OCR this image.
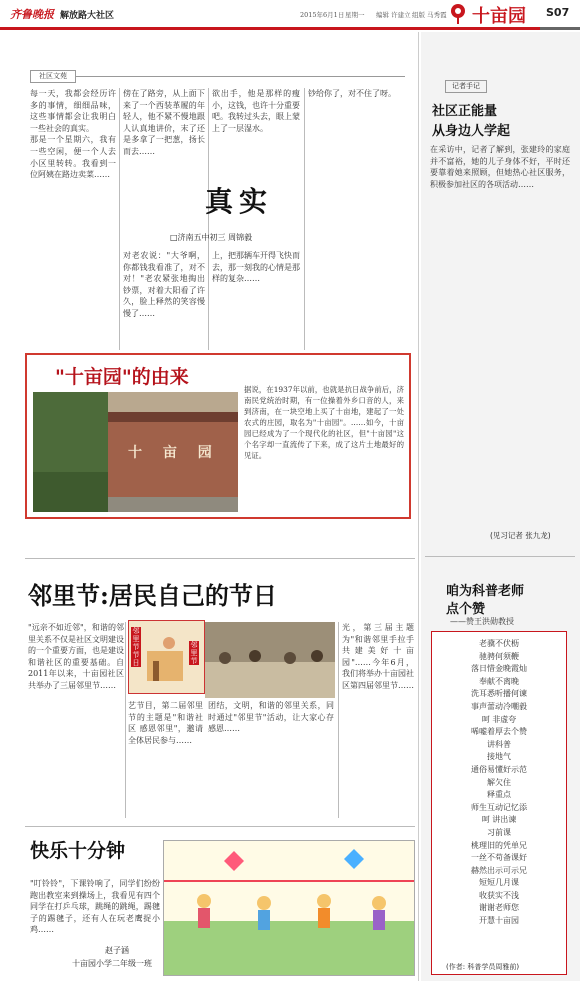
齐鲁晚报 解放路大社区	2015年6月1日 星期一 编辑 许建立 组版 马秀霞 十亩园 S07
社区文苑
每一天，我都会经历许多的事情，细细品味，这些事情都会让我明白一些社会的真实。
那是一个星期六，我有一些空闲，便一个人去小区里转转。我看到一位阿姨在路边卖菜……
傍在了路旁，从上面下来了一个西装革履的年轻人，他不紧不慢地跟人认真地讲价，末了还是多拿了一把葱，扬长而去……
欲出手，他是那样的瘦小，这钱，也许十分重要吧。我转过头去，眼上蒙上了一层湿水。
钞给你了，对不住了呀。
真实
□济南五中初三 周锦毅
对老农说："大爷啊，你都钱我看准了，对不对！"老农紧张地掏出钞票，对着大阳看了许久，脸上释然的笑容慢慢了……
上，把那辆车开得飞快而去，那一刻我的心情是那样的复杂……
"十亩园"的由来
十 亩 园
据说，在1937年以前，也就是抗日战争前后，济南民党统治时期，有一位操着外乡口音的人，来到济南，在一块空地上买了十亩地，建起了一处农式的庄园，取名为"十亩园"。……如今，十亩园已经成为了一个现代化的社区，但"十亩园"这个名字却一直流传了下来，成了这片土地最好的见证。
邻里节:居民自己的节日
"远亲不如近邻"，和谐的邻里关系不仅是社区文明建设的一个重要方面，也是建设和谐社区的重要基础。自2011年以来，十亩园社区共举办了三届邻里节……
邻里节节日
邻里节
艺节目，第二届邻里节的主题是"和谐社区 感恩邻里"，邀请全体居民参与……
团结，文明，和谐的邻里关系，同时通过"邻里节"活动，让大家心存感恩……
光，第三届主题为"和谐邻里手拉手 共建美好十亩园"……今年6月，我们将举办十亩园社区第四届邻里节……
快乐十分钟
"叮铃铃"，下课铃响了，同学们纷纷跑出教室来到操场上，我看见有四个同学在打乒乓球，跳绳的跳绳，踢毽子的踢毽子，还有人在玩老鹰捉小鸡……
赵子涵
十亩园小学二年级一班
记者手记
社区正能量
从身边人学起
在采访中，记者了解到，张建玲的家庭并不富裕，她的儿子身体不好，平时还要靠着她来照顾，但她热心社区服务，积极参加社区的各项活动……
(见习记者 张九龙)
咱为科普老师
点个赞
——赞王洪勋教授
老骥不伏枥
驰骋何须鞭
落日惜金晚霞灿
奉献不离晚
洗耳悉听播何谏
事声蕾动冷嘲毅
呵 非虚夸
唏嘘着厚去个赞
讲科普
接地气
通俗易懂好示范
解欠住
释重点
师生互动记忆添
呵 讲出谏
习前课
桃理旧的凭单兄
一丝不苟备课好
赫然出示可示兄
短短几月课
收获实不浅
谢谢老师您
开慧十亩园
(作者: 科普学员周雅前)
